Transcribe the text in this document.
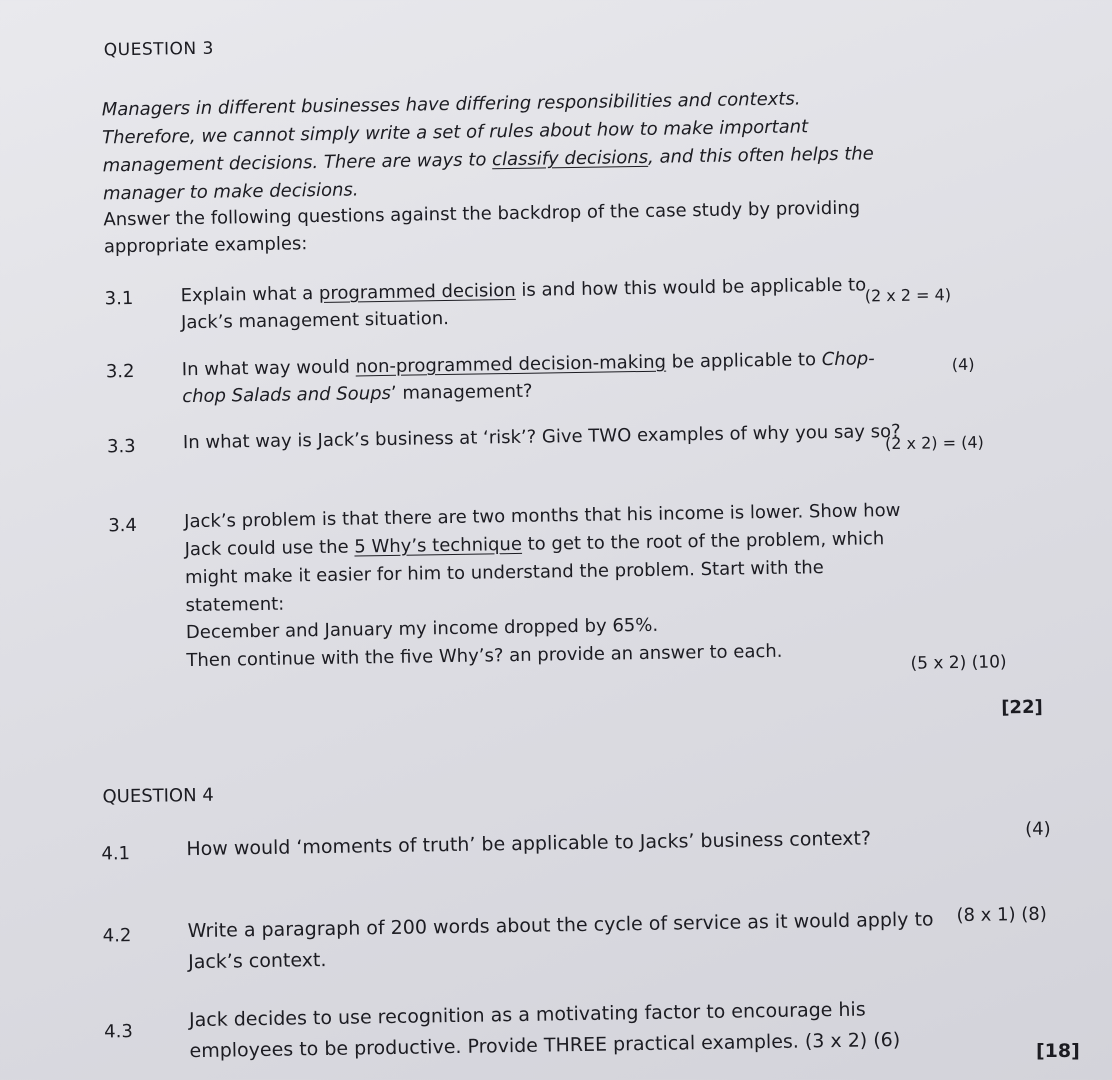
QUESTION 3
Managers in different businesses have differing responsibilities and contexts.
Therefore, we cannot simply write a set of rules about how to make important
management decisions. There are ways to classify decisions, and this often helps the
manager to make decisions.
Answer the following questions against the backdrop of the case study by providing
appropriate examples:
3.1	Explain what a programmed decision is and how this would be applicable to
Jack’s management situation.
(2 x 2 = 4)
3.2	In what way would non-programmed decision-making be applicable to Chop-
chop Salads and Soups’ management?
(4)
3.3	In what way is Jack’s business at ‘risk’? Give TWO examples of why you say so?
(2 x 2) = (4)
3.4	Jack’s problem is that there are two months that his income is lower. Show how
Jack could use the 5 Why’s technique to get to the root of the problem, which
might make it easier for him to understand the problem. Start with the
statement:
December and January my income dropped by 65%.
Then continue with the five Why’s? an provide an answer to each.	(5 x 2) (10)
[22]
QUESTION 4
4.1	How would ‘moments of truth’ be applicable to Jacks’ business context?	(4)
4.2	Write a paragraph of 200 words about the cycle of service as it would apply to
Jack’s context.
(8 x 1) (8)
4.3
Jack decides to use recognition as a motivating factor to encourage his
employees to be productive. Provide THREE practical examples. (3 x 2) (6)	[18]
